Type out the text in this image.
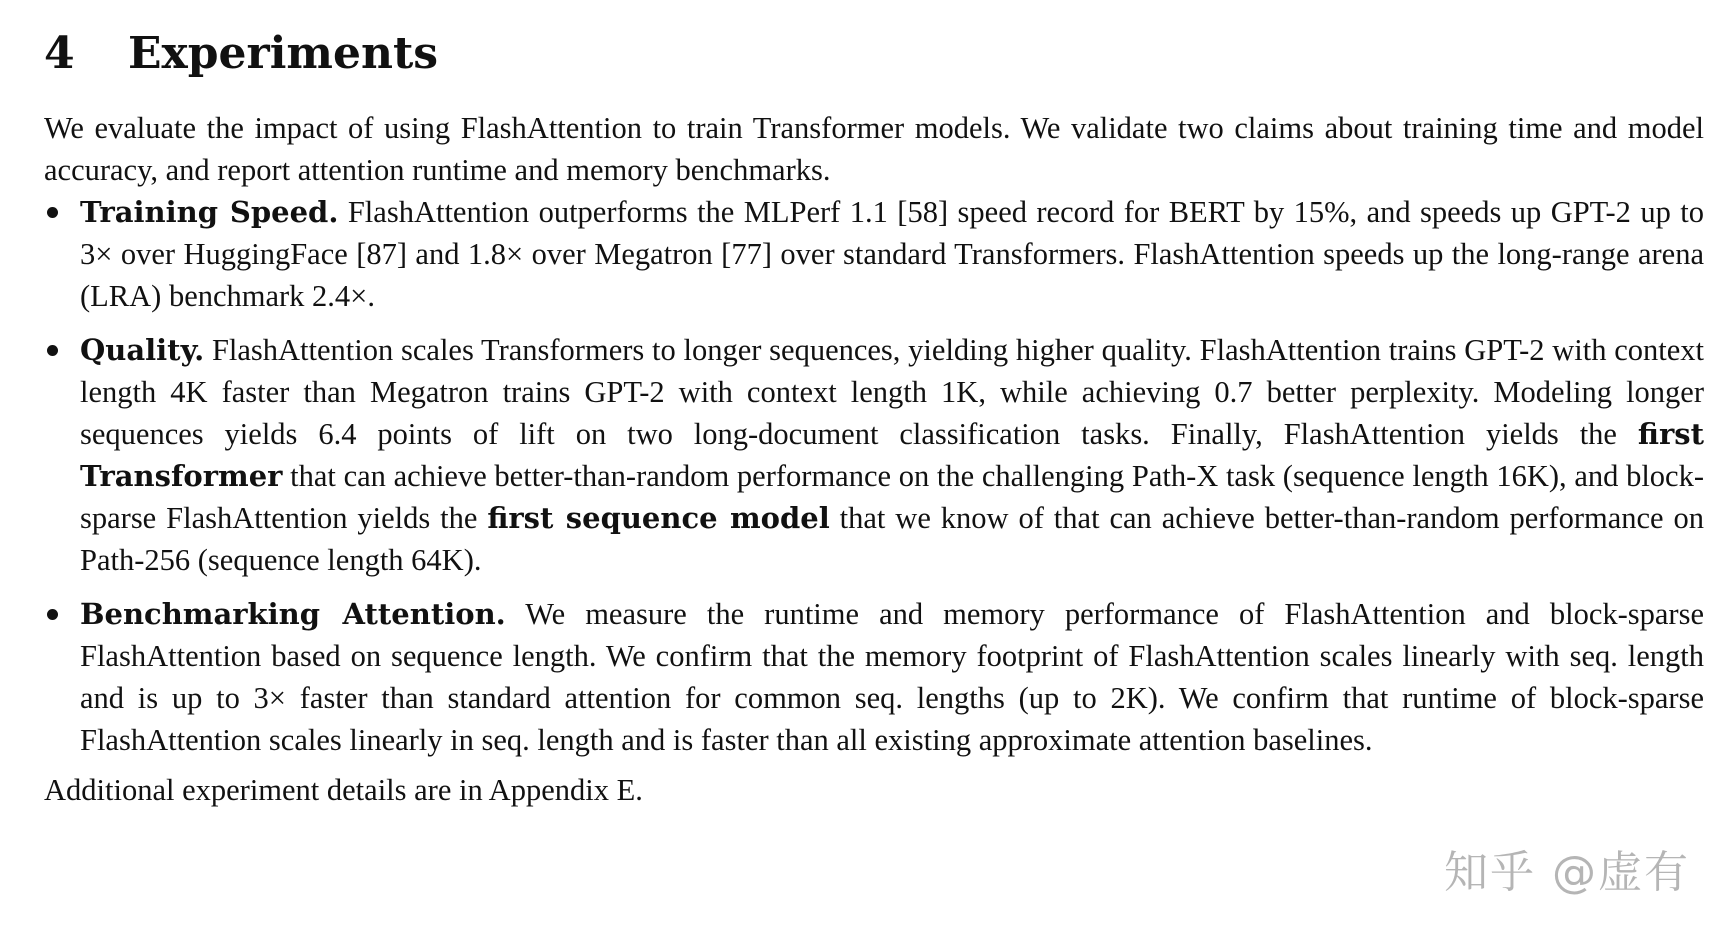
4 Experiments

We evaluate the impact of using FlashAttention to train Transformer models. We validate two claims about training time and model accuracy, and report attention runtime and memory benchmarks.

Training Speed. FlashAttention outperforms the MLPerf 1.1 [58] speed record for BERT by 15%, and speeds up GPT-2 up to 3× over HuggingFace [87] and 1.8× over Megatron [77] over standard Transformers. FlashAttention speeds up the long-range arena (LRA) benchmark 2.4×.
Quality. FlashAttention scales Transformers to longer sequences, yielding higher quality. FlashAttention trains GPT-2 with context length 4K faster than Megatron trains GPT-2 with context length 1K, while achieving 0.7 better perplexity. Modeling longer sequences yields 6.4 points of lift on two long-document classification tasks. Finally, FlashAttention yields the first Transformer that can achieve better-than-random performance on the challenging Path-X task (sequence length 16K), and block-sparse FlashAttention yields the first sequence model that we know of that can achieve better-than-random performance on Path-256 (sequence length 64K).
Benchmarking Attention. We measure the runtime and memory performance of FlashAttention and block-sparse FlashAttention based on sequence length. We confirm that the memory footprint of FlashAttention scales linearly with seq. length and is up to 3× faster than standard attention for common seq. lengths (up to 2K). We confirm that runtime of block-sparse FlashAttention scales linearly in seq. length and is faster than all existing approximate attention baselines.

Additional experiment details are in Appendix E.

知乎 @虚有
